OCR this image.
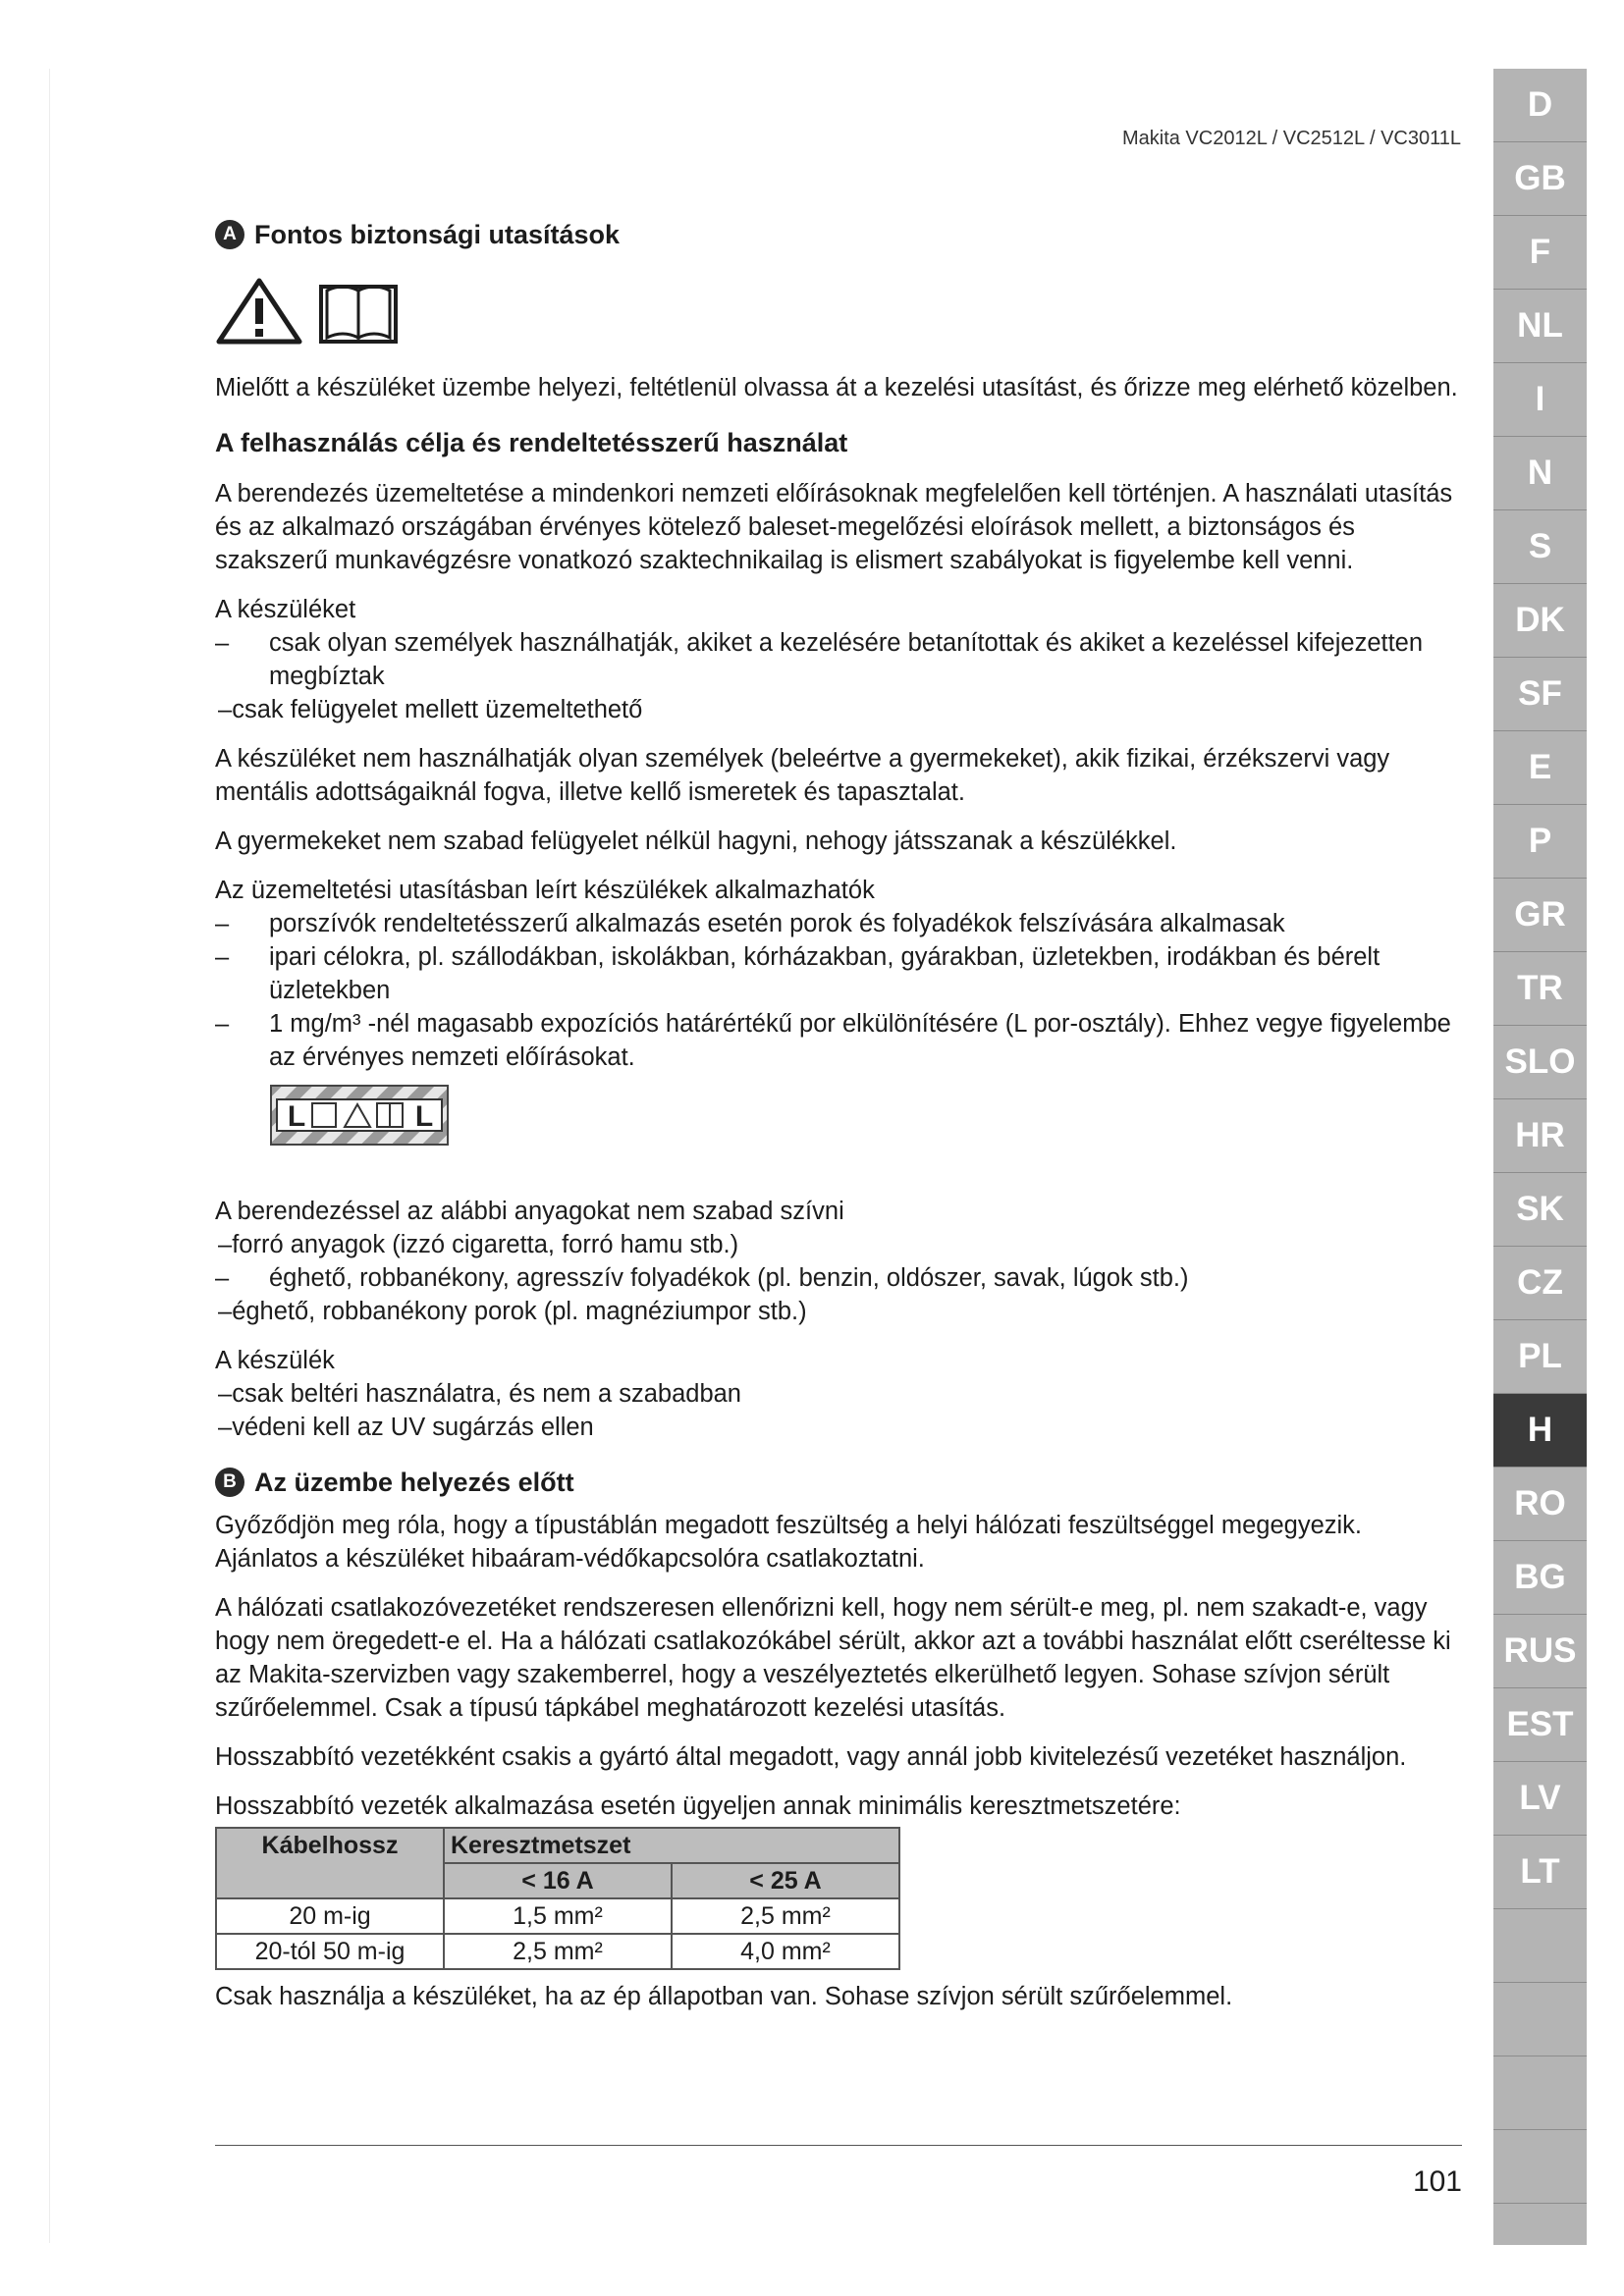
Makita VC2012L / VC2512L / VC3011L
A Fontos biztonsági utasítások

Mielőtt a készüléket üzembe helyezi, feltétlenül olvassa át a kezelési utasítást, és őrizze meg elérhető közelben.

A felhasználás célja és rendeltetésszerű használat

A berendezés üzemeltetése a mindenkori nemzeti előírásoknak megfelelően kell történjen. A használati utasítás és az alkalmazó országában érvényes kötelező baleset-megelőzési eloírások mellett, a biztonságos és szakszerű munkavégzésre vonatkozó szaktechnikailag is elismert szabályokat is figyelembe kell venni.

A készüléket
–	csak olyan személyek használhatják, akiket a kezelésére betanítottak és akiket a kezeléssel kifejezetten megbíztak
– csak felügyelet mellett üzemeltethető

A készüléket nem használhatják olyan személyek (beleértve a gyermekeket), akik fizikai, érzékszervi vagy mentális adottságaiknál fogva, illetve kellő ismeretek és tapasztalat.

A gyermekeket nem szabad felügyelet nélkül hagyni, nehogy játsszanak a készülékkel.

Az üzemeltetési utasításban leírt készülékek alkalmazhatók
–	porszívók rendeltetésszerű alkalmazás esetén porok és folyadékok felszívására alkalmasak
–	ipari célokra, pl. szállodákban, iskolákban, kórházakban, gyárakban, üzletekben, irodákban és bérelt üzletekben
–	1 mg/m³ -nél magasabb expozíciós határértékű por elkülönítésére (L por-osztály). Ehhez vegye figyelembe az érvényes nemzeti előírásokat.
L	L
A berendezéssel az alábbi anyagokat nem szabad szívni
– forró anyagok (izzó cigaretta, forró hamu stb.)
–	éghető, robbanékony, agresszív folyadékok (pl. benzin, oldószer, savak, lúgok stb.)
– éghető, robbanékony porok (pl. magnéziumpor stb.)
A készülék
– csak beltéri használatra, és nem a szabadban
– védeni kell az UV sugárzás ellen
B Az üzembe helyezés előtt

Győződjön meg róla, hogy a típustáblán megadott feszültség a helyi hálózati feszültséggel megegyezik. Ajánlatos a készüléket hibaáram-védőkapcsolóra csatlakoztatni.

A hálózati csatlakozóvezetéket rendszeresen ellenőrizni kell, hogy nem sérült-e meg, pl. nem szakadt-e, vagy hogy nem öregedett-e el. Ha a hálózati csatlakozókábel sérült, akkor azt a további használat előtt cseréltesse ki az Makita-szervizben vagy szakemberrel, hogy a veszélyeztetés elkerülhető legyen. Sohase szívjon sérült szűrőelemmel. Csak a típusú tápkábel meghatározott kezelési utasítás.

Hosszabbító vezetékként csakis a gyártó által megadott, vagy annál jobb kivitelezésű vezetéket használjon.

Hosszabbító vezeték alkalmazása esetén ügyeljen annak minimális keresztmetszetére:
Kábelhossz	Keresztmetszet	
	< 16 A	< 25 A
20 m-ig	1,5 mm²	2,5 mm²
20-tól 50 m-ig	2,5 mm²	4,0 mm²
Csak használja a készüléket, ha az ép állapotban van. Sohase szívjon sérült szűrőelemmel.
101
D
GB
F
NL
I
N
S
DK
SF
E
P
GR
TR
SLO
HR
SK
CZ
PL
H
RO
BG
RUS
EST
LV
LT
